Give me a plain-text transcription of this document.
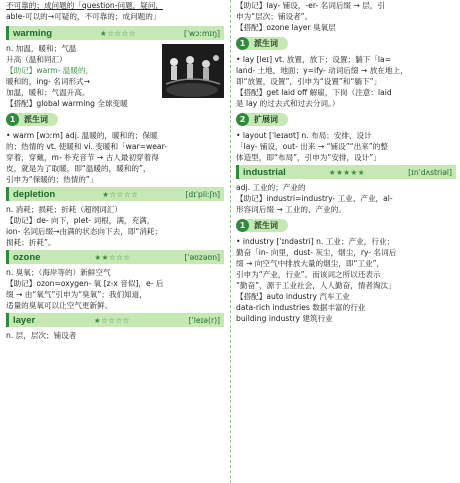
不可靠的；成问题的「question-问题，疑问，

able-可以的→可疑的，不可靠的；成问题的」

warming	★☆☆☆☆	[ˈwɔːmɪŋ]

n. 加温，暖和；气温

升高（温和同汇）

【助记】warm- 温暖的，

暖和的，ing- 名词形式→

加温，暖和；气温升高。

【搭配】global warming 全球变暖

1	派生词

• warm [wɔːm] adj. 温暖的，暖和的；保暖

的；热情的 vt. 使暖和 vi. 变暖和「war=wear-

穿着，穿戴，m- 朴充音节 → 古人最初穿着得

皮，就是为了取暖，即“温暖的，暖和的”，

引申为“保暖的；热情的”」

depletion	★☆☆☆☆	[dɪˈpliːʃn]

n. 消耗；损耗；折耗（超纲词汇）

【助记】de- 向下，plet- 词根，满，充满，

ion- 名词后缀→由满的状态向下去，即“消耗；

损耗；折耗”。

ozone	★★☆☆☆	[ˈəʊzəʊn]

n. 臭氧；（海岸等的）新鲜空气

【助记】ozon=oxygen- 氧 [z-x 音似]，e- 后

缀 → 由“氧气”引申为“臭氧”；我们知道，

适量的臭氧可以让空气更新鲜。

layer	★☆☆☆☆	[ˈleɪə(r)]

n. 层，层次；铺设者

【助记】lay- 铺设，-er- 名词后缀 → 层，引

申为“层次；铺设者”。

【搭配】ozone layer 臭氧层

1	派生词

• lay [leɪ] vt. 放置，放下；设置；躺下「la=

land- 土地，地面；y=ify- 动词后缀 → 放在地上，

即“放置，设置”，引申为“设置”和“躺下”」

【搭配】get laid off 解雇，下岗（注意：laid

是 lay 的过去式和过去分词。）

2	扩展词

• layout [ˈleɪaʊt] n. 布局；安排，设计

「lay- 铺设，out- 出来 → “铺设”“出来”的整

体造型，即“布局”，引申为“安排，设计”」

industrial	★★★★★	[ɪnˈdʌstriəl]

adj. 工业的；产业的

【助记】industri=industry- 工业、产业，al-

形容词后缀 → 工业的、产业的。

1	派生词

• industry [ˈɪndəstri] n. 工业；产业，行业；

勤奋「in- 向里，dust- 灰尘，烟尘，ry- 名词后

缀 → 向空气中排放大量的烟尘，即“工业”，

引申为“产业，行业”。而该词之所以还表示

“勤奋”，源于工业社会，人人勤奋，情者淘汰」

【搭配】auto industry 汽车工业

data-rich industries 数据丰富的行业

building industry 建筑行业
